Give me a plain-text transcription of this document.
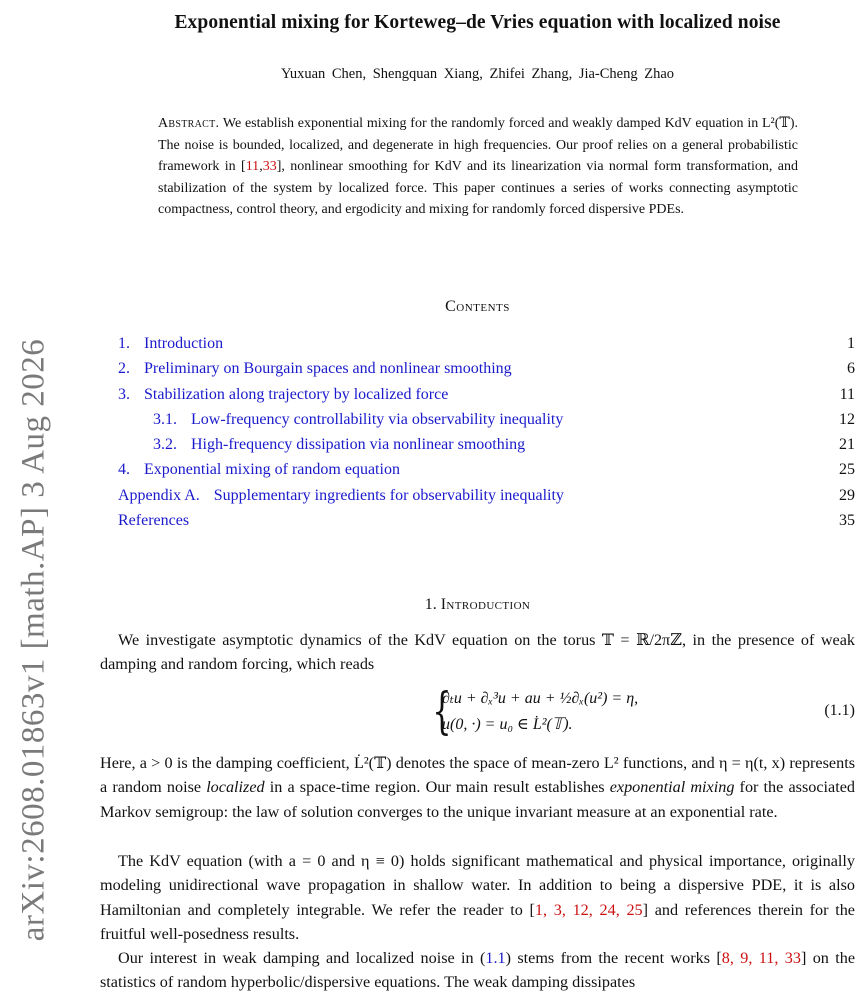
arXiv:2608.01863v1 [math.AP] 3 Aug 2026
Exponential mixing for Korteweg–de Vries equation with localized noise
Yuxuan Chen, Shengquan Xiang, Zhifei Zhang, Jia-Cheng Zhao
Abstract. We establish exponential mixing for the randomly forced and weakly damped KdV equation in L²(𝕋). The noise is bounded, localized, and degenerate in high frequencies. Our proof relies on a general probabilistic framework in [11,33], nonlinear smoothing for KdV and its linearization via normal form transformation, and stabilization of the system by localized force. This paper continues a series of works connecting asymptotic compactness, control theory, and ergodicity and mixing for randomly forced dispersive PDEs.
Contents
1. Introduction	1
2. Preliminary on Bourgain spaces and nonlinear smoothing	6
3. Stabilization along trajectory by localized force	11
3.1. Low-frequency controllability via observability inequality	12
3.2. High-frequency dissipation via nonlinear smoothing	21
4. Exponential mixing of random equation	25
Appendix A. Supplementary ingredients for observability inequality	29
References	35
1. Introduction

We investigate asymptotic dynamics of the KdV equation on the torus 𝕋 = ℝ/2πℤ, in the presence of weak damping and random forcing, which reads

{
∂ₜu + ∂ₓ³u + au + ½∂ₓ(u²) = η,
u(0, ·) = u₀ ∈ L̇²(𝕋).
(1.1)

Here, a > 0 is the damping coefficient, L̇²(𝕋) denotes the space of mean-zero L² functions, and η = η(t, x) represents a random noise localized in a space-time region. Our main result establishes exponential mixing for the associated Markov semigroup: the law of solution converges to the unique invariant measure at an exponential rate.

The KdV equation (with a = 0 and η ≡ 0) holds significant mathematical and physical importance, originally modeling unidirectional wave propagation in shallow water. In addition to being a dispersive PDE, it is also Hamiltonian and completely integrable. We refer the reader to [1, 3, 12, 24, 25] and references therein for the fruitful well-posedness results.

Our interest in weak damping and localized noise in (1.1) stems from the recent works [8, 9, 11, 33] on the statistics of random hyperbolic/dispersive equations. The weak damping dissipates
